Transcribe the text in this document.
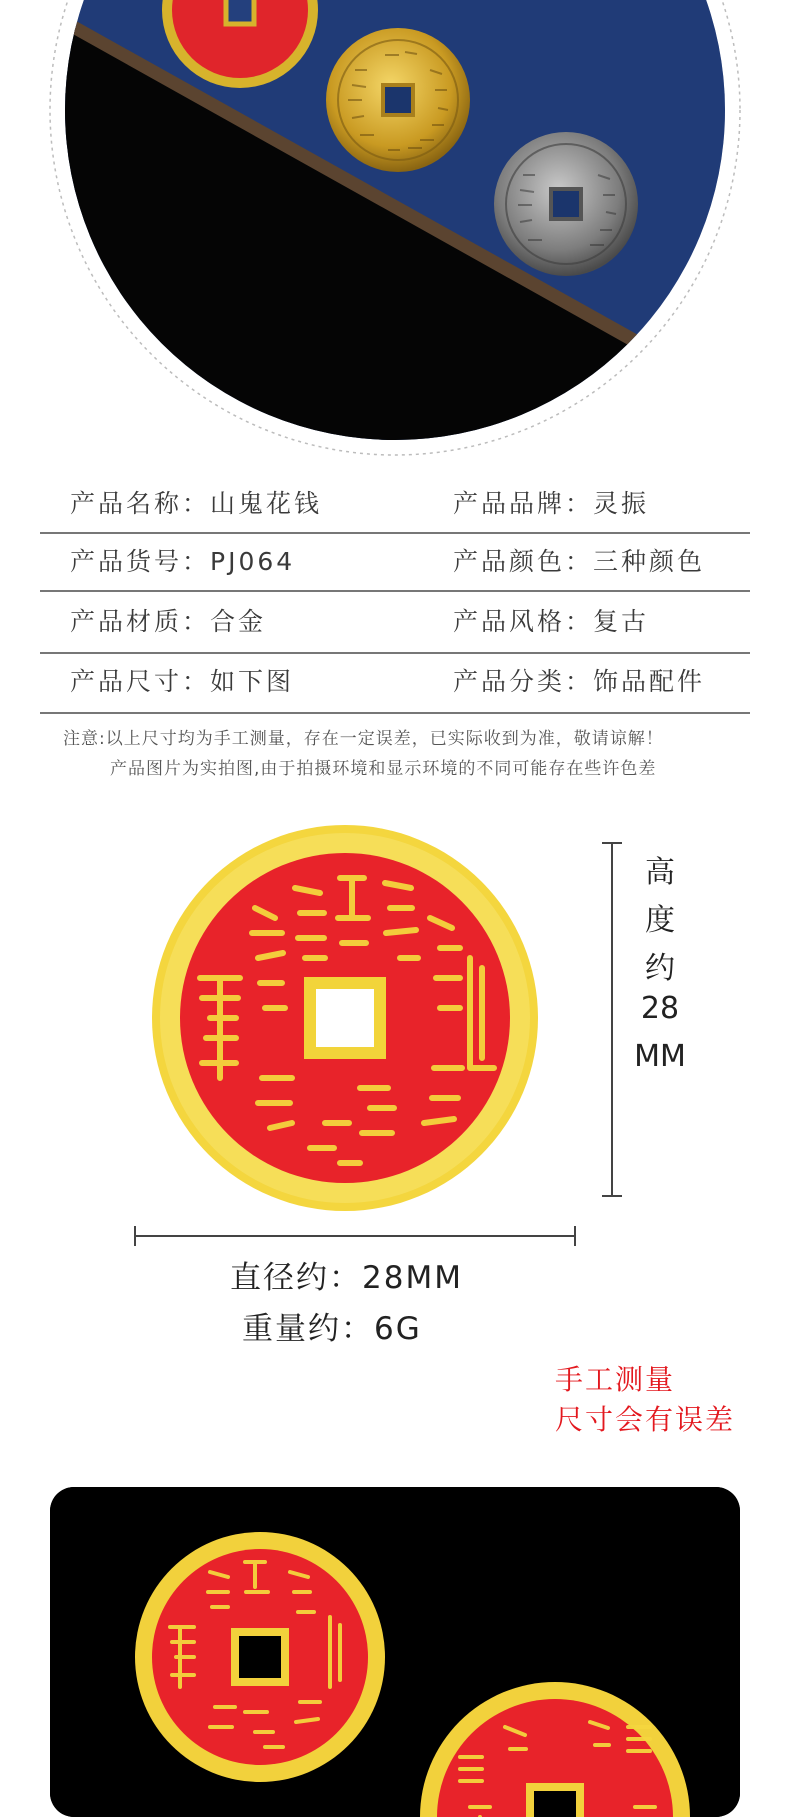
产品名称：山鬼花钱	产品品牌：灵振
产品货号：PJ064	产品颜色：三种颜色
产品材质：合金	产品风格：复古
产品尺寸：如下图	产品分类：饰品配件
注意:以上尺寸均为手工测量，存在一定误差，已实际收到为准，敬请谅解！
产品图片为实拍图,由于拍摄环境和显示环境的不同可能存在些许色差
高
度
约
28
MM
直径约：28MM
重量约：6G
手工测量
尺寸会有误差
